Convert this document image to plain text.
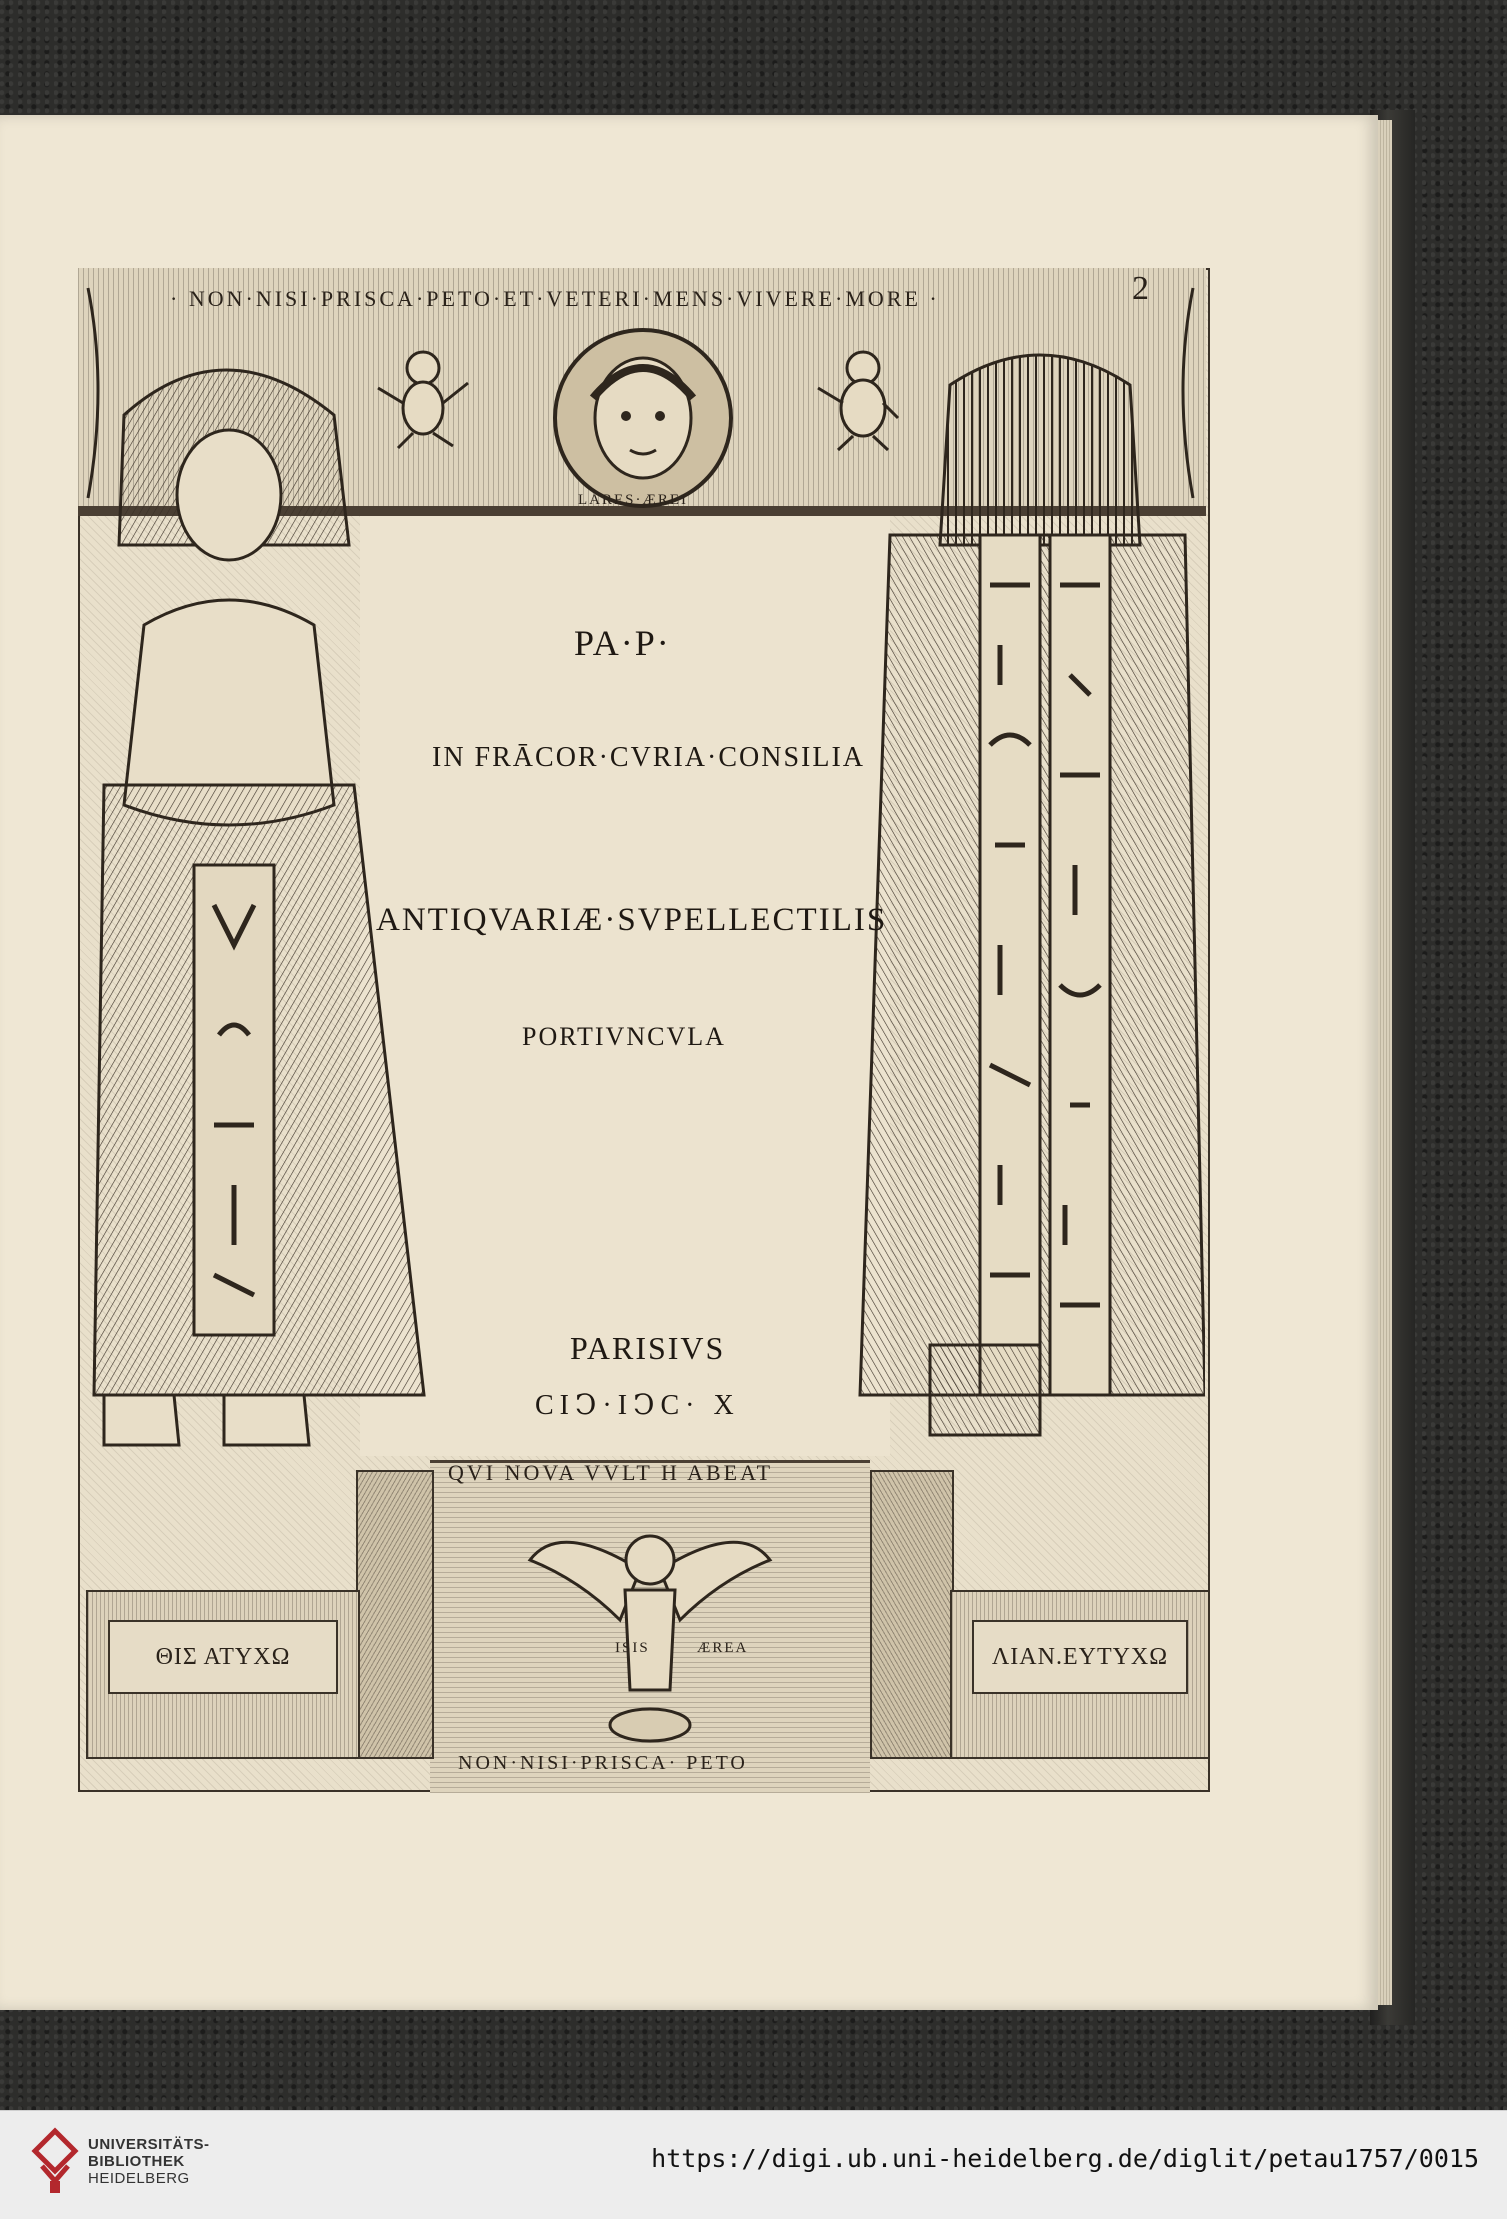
· NON·NISI·PRISCA·PETO·ET·VETERI·MENS·VIVERE·MORE ·	2
LARES·ÆREI
PA·P·
IN FRĀCOR·CVRIA·CONSILIA
ANTIQVARIÆ·SVPELLECTILIS
PORTIVNCVLA
PARISIVS
CIↃ·IↃC· X
QVI NOVA VVLT H ABEAT
ISIS	ÆREA
NON·NISI·PRISCA· PETO
ΘΙΣ ΑΤΥΧΩ	ΛΙΑΝ.ΕΥΤΥΧΩ
UNIVERSITÄTS-
BIBLIOTHEK
HEIDELBERG
https://digi.ub.uni-heidelberg.de/diglit/petau1757/0015
